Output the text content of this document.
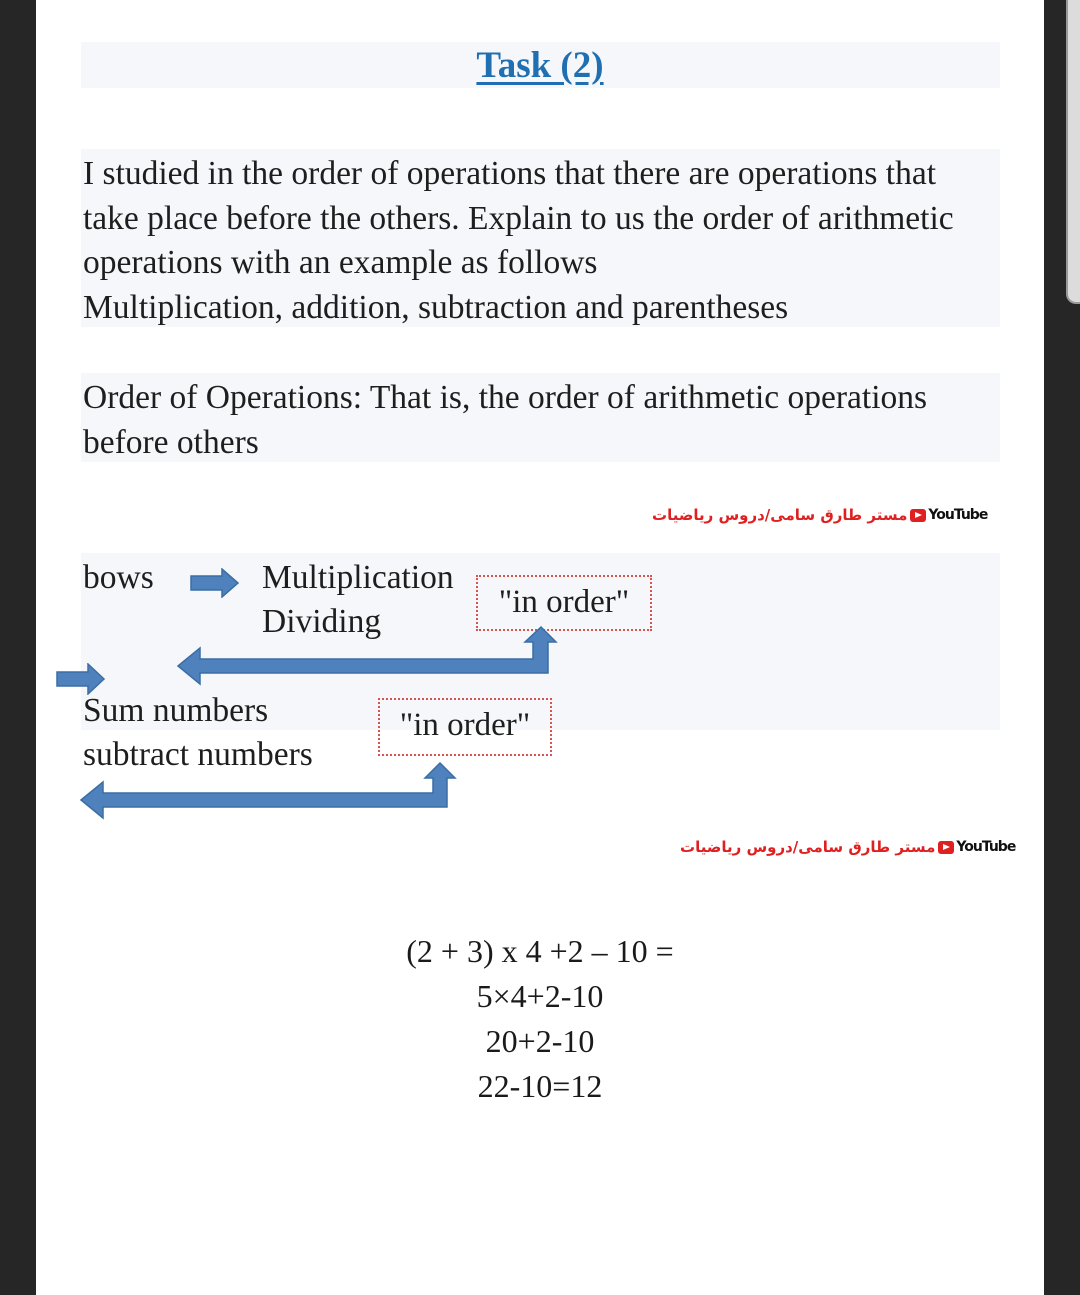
Task (2)
I studied in the order of operations that there are operations that
take place before the others. Explain to us the order of arithmetic
operations with an example as follows
Multiplication, addition, subtraction and parentheses
Order of Operations: That is, the order of arithmetic operations
before others
مستر طارق سامى/دروس رياضيات YouTube
bows	Multiplication
Dividing
"in order"
Sum numbers
subtract numbers
"in order"
مستر طارق سامى/دروس رياضيات YouTube
(2 + 3) x 4 +2 – 10 =
5×4+2-10
20+2-10
22-10=12
